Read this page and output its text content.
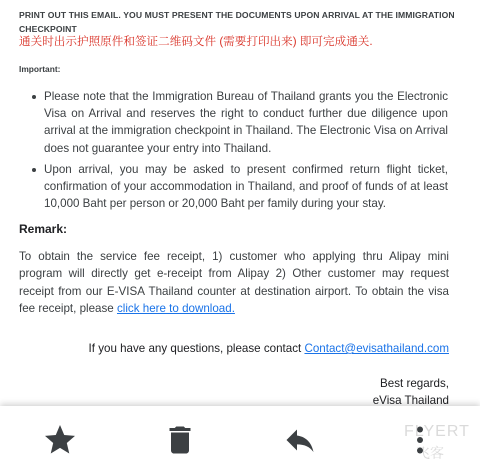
PRINT OUT THIS EMAIL. YOU MUST PRESENT THE DOCUMENTS UPON ARRIVAL AT THE IMMIGRATION CHECKPOINT
通关时出示护照原件和签证二维码文件 (需要打印出来) 即可完成通关.
Important:
Please note that the Immigration Bureau of Thailand grants you the Electronic Visa on Arrival and reserves the right to conduct further due diligence upon arrival at the immigration checkpoint in Thailand. The Electronic Visa on Arrival does not guarantee your entry into Thailand.
Upon arrival, you may be asked to present confirmed return flight ticket, confirmation of your accommodation in Thailand, and proof of funds of at least 10,000 Baht per person or 20,000 Baht per family during your stay.
Remark:
To obtain the service fee receipt, 1) customer who applying thru Alipay mini program will directly get e-receipt from Alipay 2) Other customer may request receipt from our E-VISA Thailand counter at destination airport. To obtain the visa fee receipt, please click here to download.
If you have any questions, please contact Contact@evisathailand.com
Best regards,
eVisa Thailand
FLYERT
飞客
